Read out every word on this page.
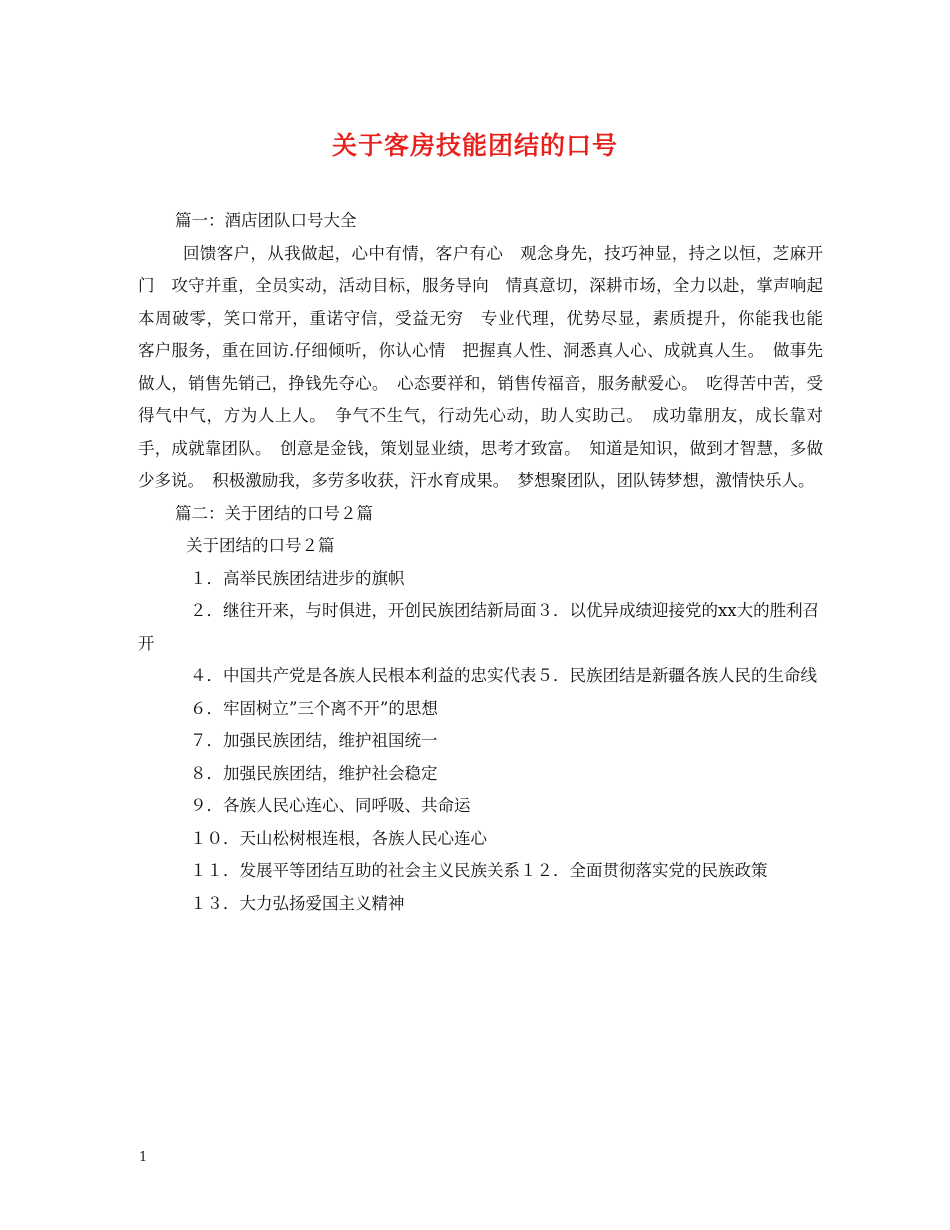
关于客房技能团结的口号

篇一：酒店团队口号大全

回馈客户，从我做起，心中有情，客户有心　观念身先，技巧神显，持之以恒，芝麻开门　攻守并重，全员实动，活动目标，服务导向　情真意切，深耕市场，全力以赴，掌声响起　本周破零，笑口常开，重诺守信，受益无穷　专业代理，优势尽显，素质提升，你能我也能　客户服务，重在回访.仔细倾听，你认心情　把握真人性、洞悉真人心、成就真人生。　做事先做人，销售先销己，挣钱先夺心。　心态要祥和，销售传福音，服务献爱心。　吃得苦中苦，受得气中气，方为人上人。　争气不生气，行动先心动，助人实助己。　成功靠朋友，成长靠对手，成就靠团队。　创意是金钱，策划显业绩，思考才致富。　知道是知识，做到才智慧，多做少多说。　积极激励我，多劳多收获，汗水育成果。　梦想聚团队，团队铸梦想，激情快乐人。

篇二：关于团结的口号２篇

关于团结的口号２篇

１．高举民族团结进步的旗帜

２．继往开来，与时俱进，开创民族团结新局面３．以优异成绩迎接党的xx大的胜利召开

４．中国共产党是各族人民根本利益的忠实代表５．民族团结是新疆各族人民的生命线

６．牢固树立”三个离不开”的思想

７．加强民族团结，维护祖国统一

８．加强民族团结，维护社会稳定

９．各族人民心连心、同呼吸、共命运

１０．天山松树根连根，各族人民心连心

１１．发展平等团结互助的社会主义民族关系１２．全面贯彻落实党的民族政策

１３．大力弘扬爱国主义精神

1
